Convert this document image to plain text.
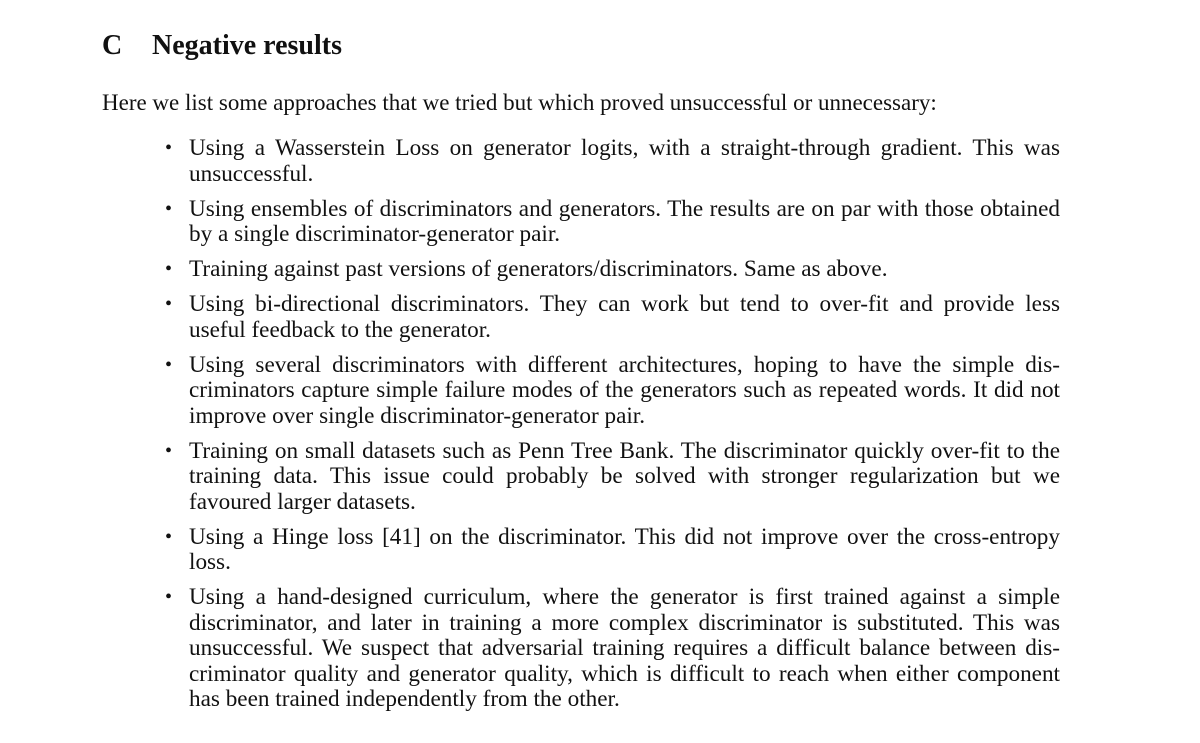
C Negative results

Here we list some approaches that we tried but which proved unsuccessful or unnecessary:

• Using a Wasserstein Loss on generator logits, with a straight-through gradient. This was unsuccessful.
• Using ensembles of discriminators and generators. The results are on par with those obtained by a single discriminator-generator pair.
• Training against past versions of generators/discriminators. Same as above.
• Using bi-directional discriminators. They can work but tend to over-fit and provide less useful feedback to the generator.
• Using several discriminators with different architectures, hoping to have the simple discriminators capture simple failure modes of the generators such as repeated words. It did not improve over single discriminator-generator pair.
• Training on small datasets such as Penn Tree Bank. The discriminator quickly over-fit to the training data. This issue could probably be solved with stronger regularization but we favoured larger datasets.
• Using a Hinge loss [41] on the discriminator. This did not improve over the cross-entropy loss.
• Using a hand-designed curriculum, where the generator is first trained against a simple discriminator, and later in training a more complex discriminator is substituted. This was unsuccessful. We suspect that adversarial training requires a difficult balance between discriminator quality and generator quality, which is difficult to reach when either component has been trained independently from the other.
